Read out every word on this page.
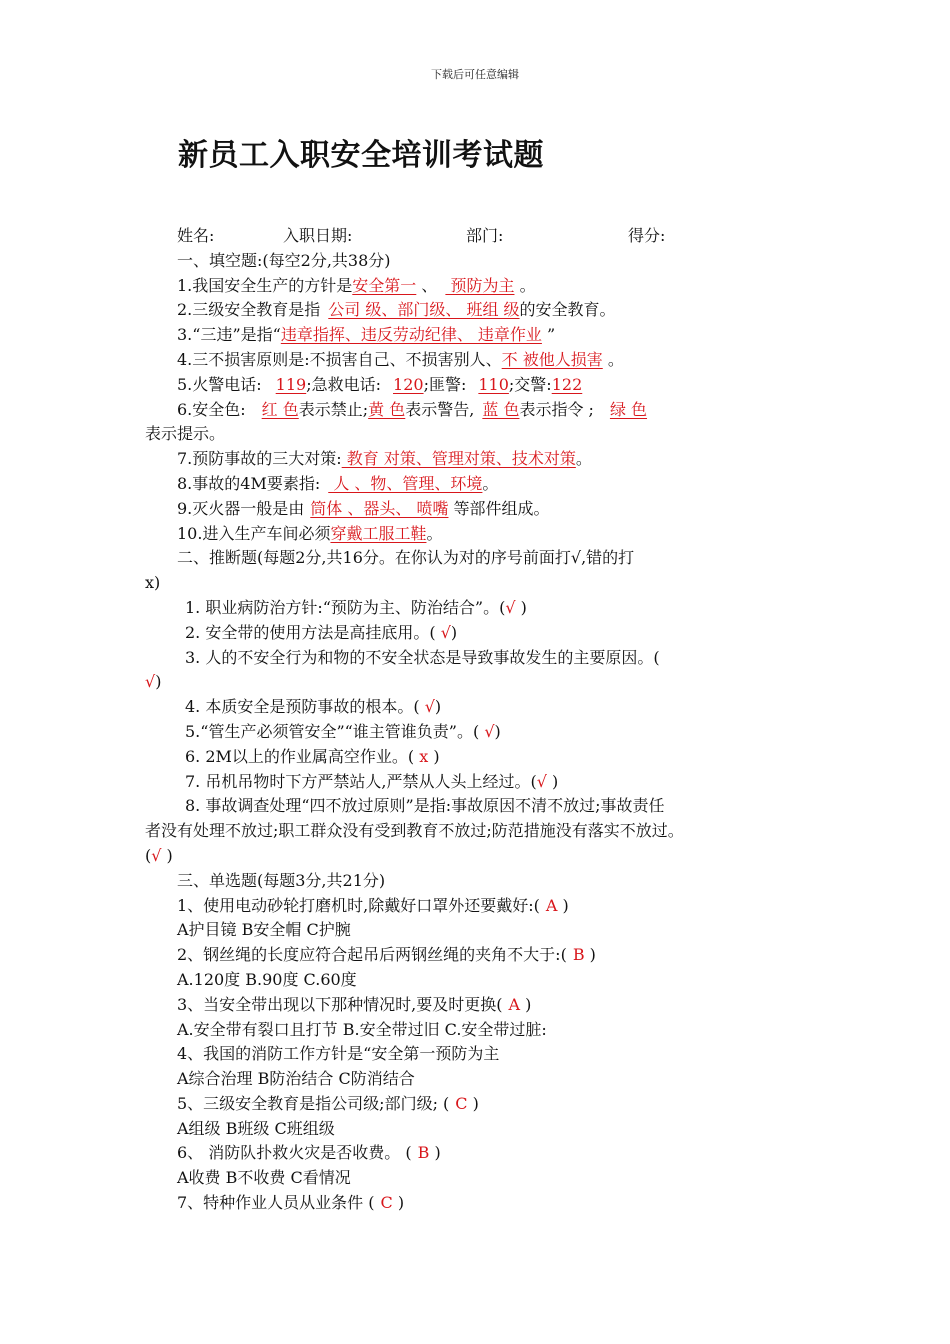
下载后可任意编辑
新员工入职安全培训考试题
姓名:	入职日期:	部门:	得分:
一、填空题:(每空2分,共38分)
1.我国安全生产的方针是安全第一 、 预防为主 。
2.三级安全教育是指 公司 级、部门级、 班组 级的安全教育。
3.“三违”是指“违章指挥、违反劳动纪律、 违章作业 ”
4.三不损害原则是:不损害自己、不损害别人、不 被他人损害 。
5.火警电话: 119;急救电话: 120;匪警: 110;交警:122
6.安全色: 红 色表示禁止;黄 色表示警告, 蓝 色表示指令 ; 绿 色
表示提示。
7.预防事故的三大对策: 教育 对策、管理对策、技术对策。
8.事故的4M要素指: 人 、物、管理、环境。
9.灭火器一般是由 筒体 、器头、 喷嘴 等部件组成。
10.进入生产车间必须穿戴工服工鞋。
二、推断题(每题2分,共16分。在你认为对的序号前面打√,错的打
x)
1. 职业病防治方针:“预防为主、防治结合”。(√ )
2. 安全带的使用方法是高挂底用。( √)
3. 人的不安全行为和物的不安全状态是导致事故发生的主要原因。(
√)
4. 本质安全是预防事故的根本。( √)
5.“管生产必须管安全”“谁主管谁负责”。( √)
6. 2M以上的作业属高空作业。( x )
7. 吊机吊物时下方严禁站人,严禁从人头上经过。(√ )
8. 事故调查处理“四不放过原则”是指:事故原因不清不放过;事故责任
者没有处理不放过;职工群众没有受到教育不放过;防范措施没有落实不放过。
(√ )
三、单选题(每题3分,共21分)
1、使用电动砂轮打磨机时,除戴好口罩外还要戴好:( A )
A护目镜 B安全帽 C护腕
2、钢丝绳的长度应符合起吊后两钢丝绳的夹角不大于:( B )
A.120度 B.90度 C.60度
3、当安全带出现以下那种情况时,要及时更换( A )
A.安全带有裂口且打节 B.安全带过旧 C.安全带过脏:
4、我国的消防工作方针是“安全第一预防为主
A综合治理 B防治结合 C防消结合
5、三级安全教育是指公司级;部门级; ( C )
A组级 B班级 C班组级
6、 消防队扑救火灾是否收费。 ( B )
A收费 B不收费 C看情况
7、特种作业人员从业条件 ( C )
